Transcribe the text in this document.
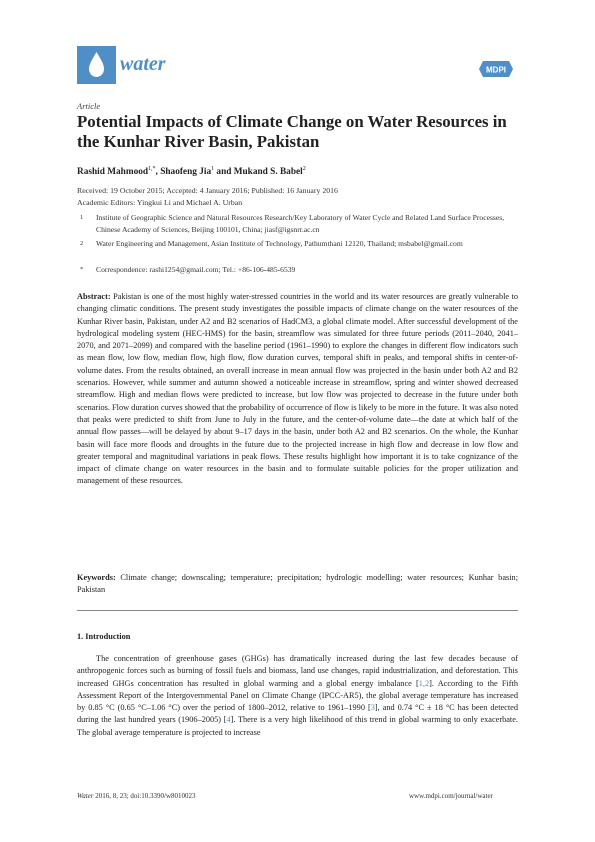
water	MDPI
Article
Potential Impacts of Climate Change on Water Resources in the Kunhar River Basin, Pakistan
Rashid Mahmood$^{1,*}$, Shaofeng Jia$^1$ and Mukand S. Babel$^2$
Received: 19 October 2015; Accepted: 4 January 2016; Published: 16 January 2016
Academic Editors: Yingkui Li and Michael A. Urban
1 Institute of Geographic Science and Natural Resources Research/Key Laboratory of Water Cycle and Related Land Surface Processes, Chinese Academy of Sciences, Beijing 100101, China; jiasf@igsnrr.ac.cn
2 Water Engineering and Management, Asian Institute of Technology, Pathumthani 12120, Thailand; msbabel@gmail.com
* Correspondence: rashi1254@gmail.com; Tel.: +86-106-485-6539
Abstract: Pakistan is one of the most highly water-stressed countries in the world and its water resources are greatly vulnerable to changing climatic conditions. The present study investigates the possible impacts of climate change on the water resources of the Kunhar River basin, Pakistan, under A2 and B2 scenarios of HadCM3, a global climate model. After successful development of the hydrological modeling system (HEC-HMS) for the basin, streamflow was simulated for three future periods (2011–2040, 2041–2070, and 2071–2099) and compared with the baseline period (1961–1990) to explore the changes in different flow indicators such as mean flow, low flow, median flow, high flow, flow duration curves, temporal shift in peaks, and temporal shifts in center-of-volume dates. From the results obtained, an overall increase in mean annual flow was projected in the basin under both A2 and B2 scenarios. However, while summer and autumn showed a noticeable increase in streamflow, spring and winter showed decreased streamflow. High and median flows were predicted to increase, but low flow was projected to decrease in the future under both scenarios. Flow duration curves showed that the probability of occurrence of flow is likely to be more in the future. It was also noted that peaks were predicted to shift from June to July in the future, and the center-of-volume date—the date at which half of the annual flow passes—will be delayed by about 9–17 days in the basin, under both A2 and B2 scenarios. On the whole, the Kunhar basin will face more floods and droughts in the future due to the projected increase in high flow and decrease in low flow and greater temporal and magnitudinal variations in peak flows. These results highlight how important it is to take cognizance of the impact of climate change on water resources in the basin and to formulate suitable policies for the proper utilization and management of these resources.
Keywords: Climate change; downscaling; temperature; precipitation; hydrologic modelling; water resources; Kunhar basin; Pakistan
1. Introduction
The concentration of greenhouse gases (GHGs) has dramatically increased during the last few decades because of anthropogenic forces such as burning of fossil fuels and biomass, land use changes, rapid industrialization, and deforestation. This increased GHGs concentration has resulted in global warming and a global energy imbalance [1,2]. According to the Fifth Assessment Report of the Intergovernmental Panel on Climate Change (IPCC-AR5), the global average temperature has increased by 0.85 °C (0.65 °C–1.06 °C) over the period of 1800–2012, relative to 1961–1990 [3], and 0.74 °C ± 18 °C has been detected during the last hundred years (1906–2005) [4]. There is a very high likelihood of this trend in global warming to only exacerbate. The global average temperature is projected to increase
Water 2016, 8, 23; doi:10.3390/w8010023	www.mdpi.com/journal/water
